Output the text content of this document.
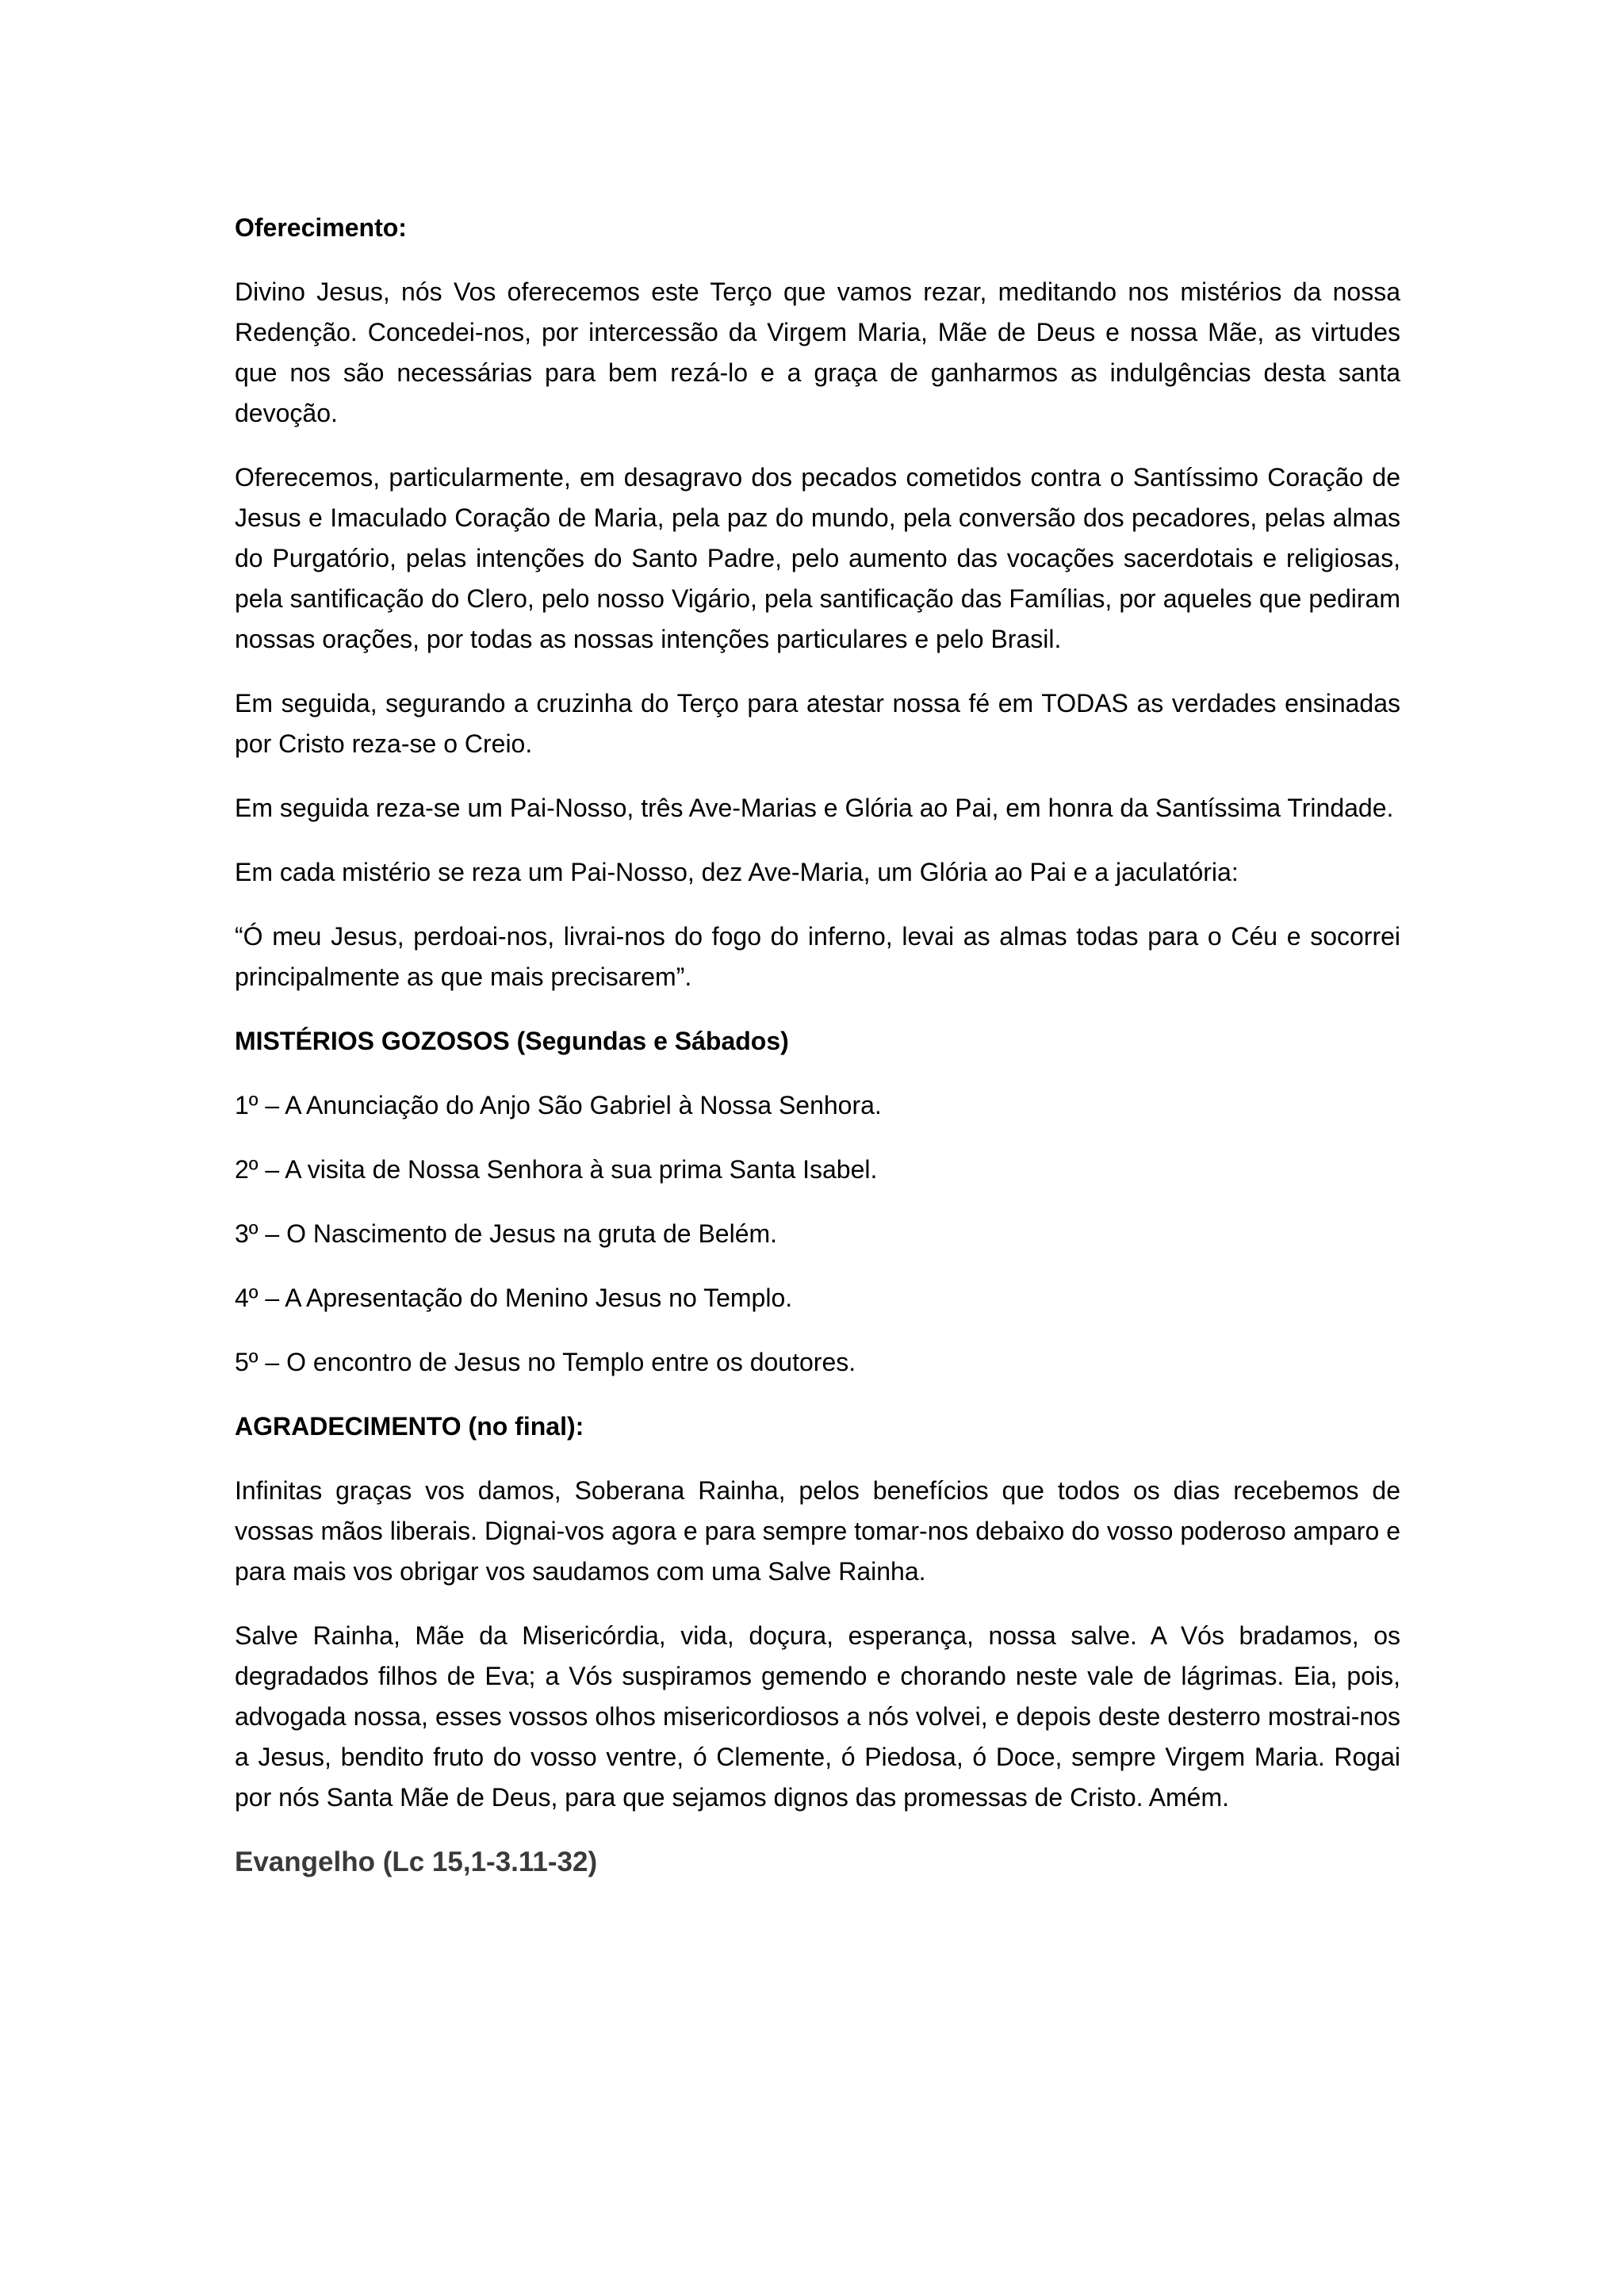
Oferecimento:
Divino Jesus, nós Vos oferecemos este Terço que vamos rezar, meditando nos mistérios da nossa Redenção. Concedei-nos, por intercessão da Virgem Maria, Mãe de Deus e nossa Mãe, as virtudes que nos são necessárias para bem rezá-lo e a graça de ganharmos as indulgências desta santa devoção.
Oferecemos, particularmente, em desagravo dos pecados cometidos contra o Santíssimo Coração de Jesus e Imaculado Coração de Maria, pela paz do mundo, pela conversão dos pecadores, pelas almas do Purgatório, pelas intenções do Santo Padre, pelo aumento das vocações sacerdotais e religiosas, pela santificação do Clero, pelo nosso Vigário, pela santificação das Famílias, por aqueles que pediram nossas orações, por todas as nossas intenções particulares e pelo Brasil.
Em seguida, segurando a cruzinha do Terço para atestar nossa fé em TODAS as verdades ensinadas por Cristo reza-se o Creio.
Em seguida reza-se um Pai-Nosso, três Ave-Marias e Glória ao Pai, em honra da Santíssima Trindade.
Em cada mistério se reza um Pai-Nosso, dez Ave-Maria, um Glória ao Pai e a jaculatória:
“Ó meu Jesus, perdoai-nos, livrai-nos do fogo do inferno, levai as almas todas para o Céu e socorrei principalmente as que mais precisarem”.
MISTÉRIOS GOZOSOS (Segundas e Sábados)
1º – A Anunciação do Anjo São Gabriel à Nossa Senhora.
2º – A visita de Nossa Senhora à sua prima Santa Isabel.
3º – O Nascimento de Jesus na gruta de Belém.
4º – A Apresentação do Menino Jesus no Templo.
5º – O encontro de Jesus no Templo entre os doutores.
AGRADECIMENTO (no final):
Infinitas graças vos damos, Soberana Rainha, pelos benefícios que todos os dias recebemos de vossas mãos liberais. Dignai-vos agora e para sempre tomar-nos debaixo do vosso poderoso amparo e para mais vos obrigar vos saudamos com uma Salve Rainha.
Salve Rainha, Mãe da Misericórdia, vida, doçura, esperança, nossa salve. A Vós bradamos, os degradados filhos de Eva; a Vós suspiramos gemendo e chorando neste vale de lágrimas. Eia, pois, advogada nossa, esses vossos olhos misericordiosos a nós volvei, e depois deste desterro mostrai-nos a Jesus, bendito fruto do vosso ventre, ó Clemente, ó Piedosa, ó Doce, sempre Virgem Maria. Rogai por nós Santa Mãe de Deus, para que sejamos dignos das promessas de Cristo. Amém.
Evangelho (Lc 15,1-3.11-32)
